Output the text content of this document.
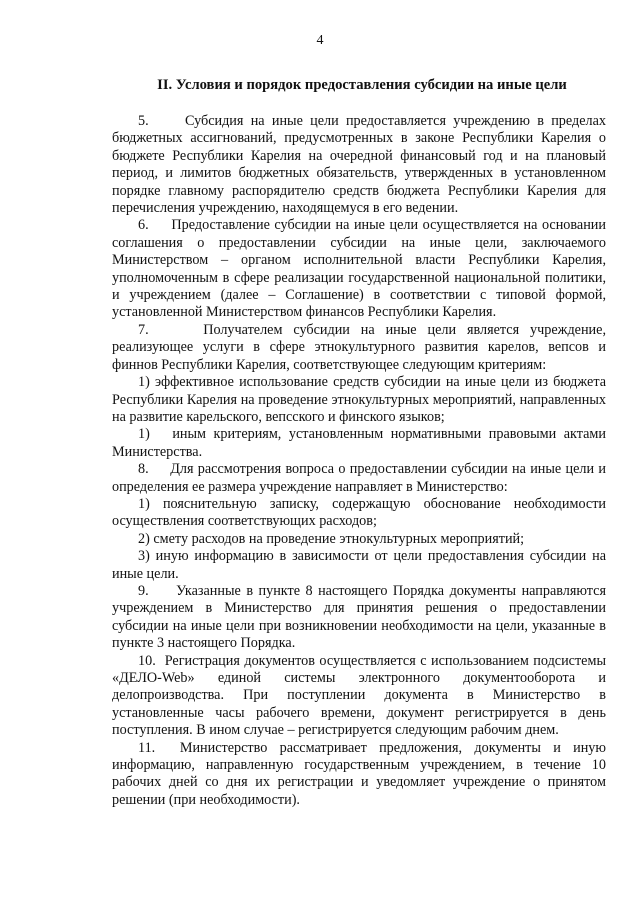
4
II. Условия и порядок предоставления субсидии на иные цели

5.     Субсидия на иные цели предоставляется учреждению в пределах бюджетных ассигнований, предусмотренных в законе Республики Карелия о бюджете Республики Карелия на очередной финансовый год и на плановый период, и лимитов бюджетных обязательств, утвержденных в установленном порядке главному распорядителю средств бюджета Республики Карелия для перечисления учреждению, находящемуся в его ведении.

6.     Предоставление субсидии на иные цели осуществляется на основании соглашения о предоставлении субсидии на иные цели, заключаемого Министерством – органом исполнительной власти Республики Карелия, уполномоченным в сфере реализации государственной национальной политики, и учреждением (далее – Соглашение) в соответствии с типовой формой, установленной Министерством финансов Республики Карелия.

7.     Получателем субсидии на иные цели является учреждение, реализующее услуги в сфере этнокультурного развития карелов, вепсов и финнов Республики Карелия, соответствующее следующим критериям:

1) эффективное использование средств субсидии на иные цели из бюджета Республики Карелия на проведение этнокультурных мероприятий, направленных на развитие карельского, вепсского и финского языков;

1)   иным критериям, установленным нормативными правовыми актами Министерства.

8.     Для рассмотрения вопроса о предоставлении субсидии на иные цели и определения ее размера учреждение направляет в Министерство:

1) пояснительную записку, содержащую обоснование необходимости осуществления соответствующих расходов;

2) смету расходов на проведение этнокультурных мероприятий;

3) иную информацию в зависимости от цели предоставления субсидии на иные цели.

9.     Указанные в пункте 8 настоящего Порядка документы направляются учреждением в Министерство для принятия решения о предоставлении субсидии на иные цели при возникновении необходимости на цели, указанные в пункте 3 настоящего Порядка.

10.  Регистрация документов осуществляется с использованием подсистемы «ДЕЛО-Web» единой системы электронного документооборота и делопроизводства. При поступлении документа в Министерство в установленные часы рабочего времени, документ регистрируется в день поступления. В ином случае – регистрируется следующим рабочим днем.

11.  Министерство рассматривает предложения, документы и иную информацию, направленную государственным учреждением, в течение 10 рабочих дней со дня их регистрации и уведомляет учреждение о принятом решении (при необходимости).
